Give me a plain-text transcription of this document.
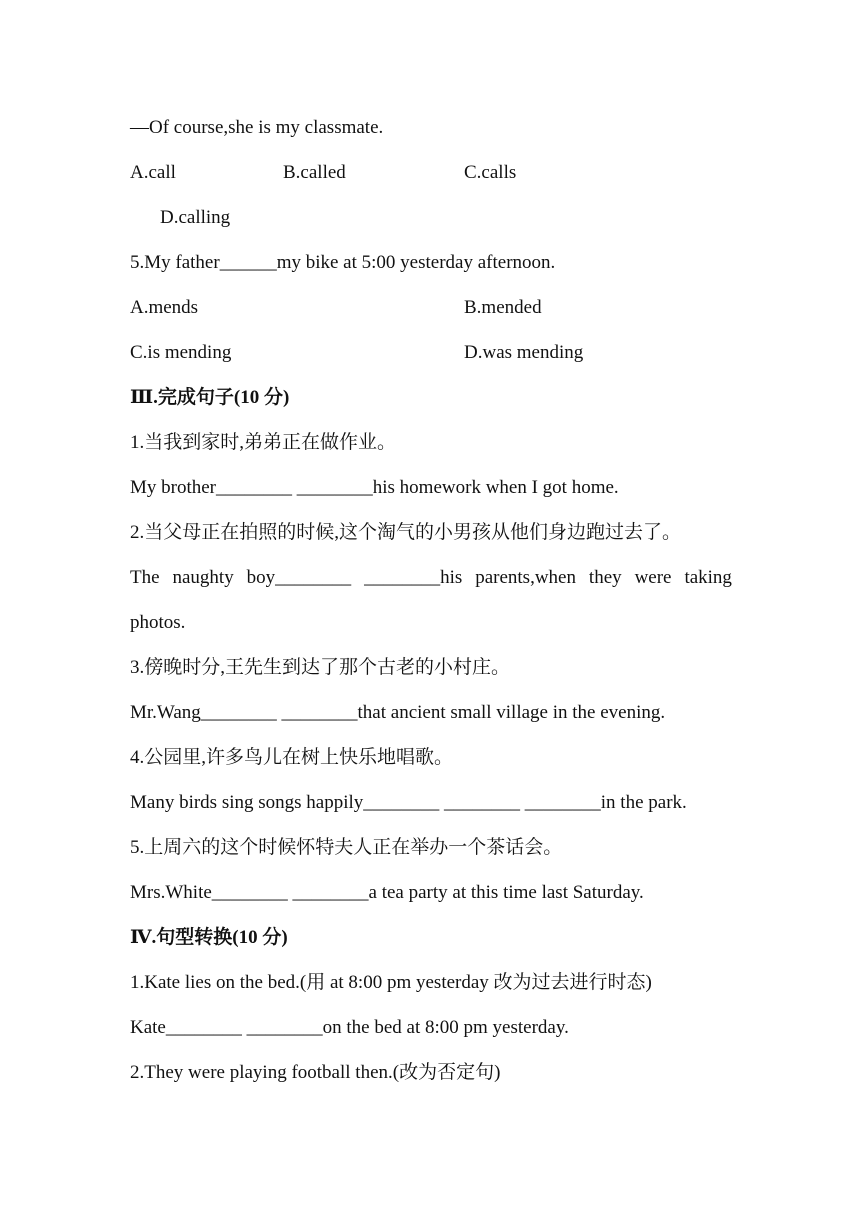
—Of course,she is my classmate.
A.call	B.called	C.calls
D.calling
5.My father______my bike at 5:00 yesterday afternoon.
A.mends	B.mended
C.is mending	D.was mending
Ⅲ.完成句子(10 分)
1.当我到家时,弟弟正在做作业。
My brother________ ________his homework when I got home.
2.当父母正在拍照的时候,这个淘气的小男孩从他们身边跑过去了。
The naughty boy________ ________his parents,when they were taking
photos.
3.傍晚时分,王先生到达了那个古老的小村庄。
Mr.Wang________ ________that ancient small village in the evening.
4.公园里,许多鸟儿在树上快乐地唱歌。
Many birds sing songs happily________ ________ ________in the park.
5.上周六的这个时候怀特夫人正在举办一个茶话会。
Mrs.White________ ________a tea party at this time last Saturday.
Ⅳ.句型转换(10 分)
1.Kate lies on the bed.(用 at 8:00 pm yesterday 改为过去进行时态)
Kate________ ________on the bed at 8:00 pm yesterday.
2.They were playing football then.(改为否定句)
